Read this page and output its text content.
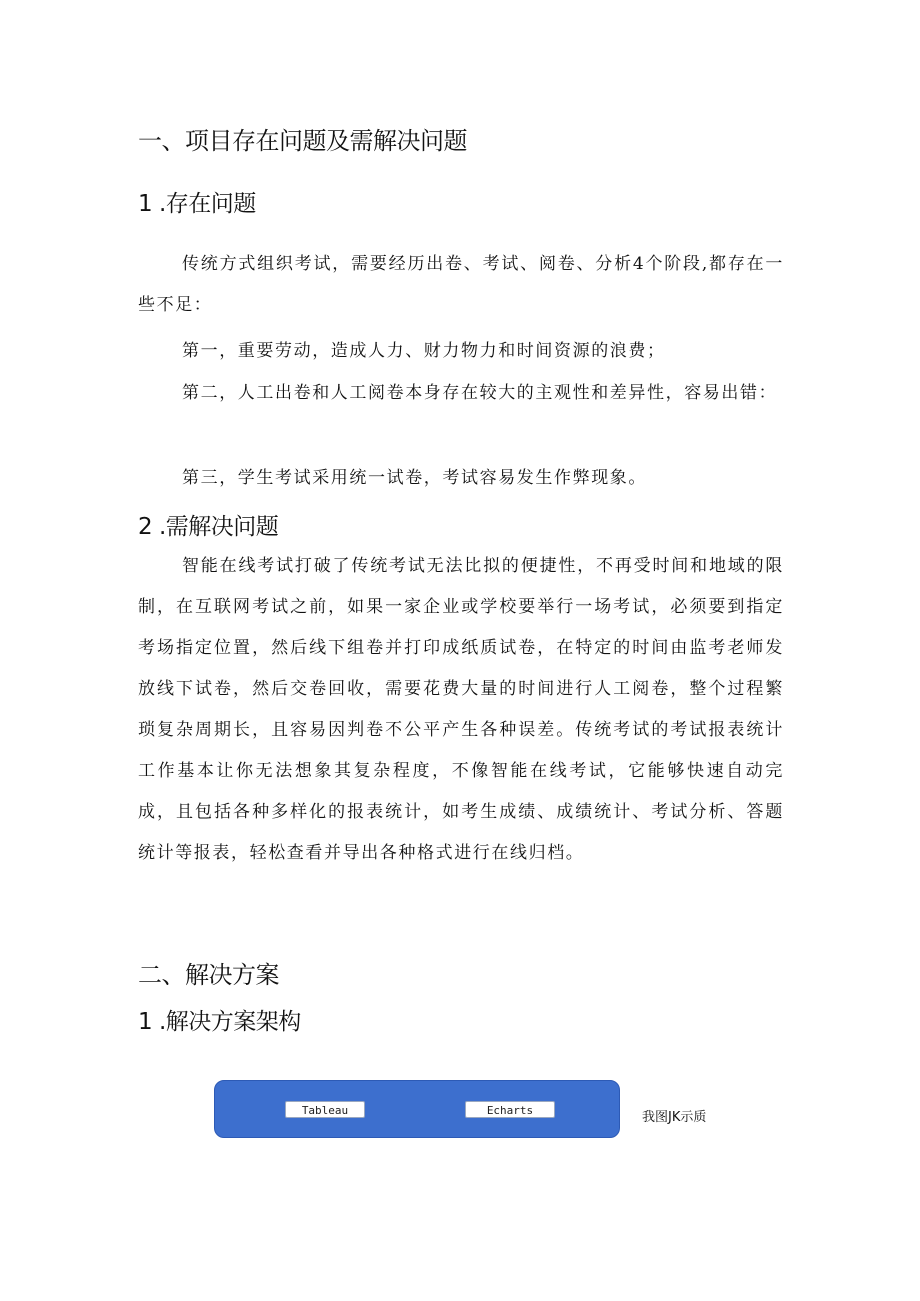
一、项目存在问题及需解决问题
1 .存在问题
传统方式组织考试，需要经历出卷、考试、阅卷、分析4个阶段,都存在一些不足：
第一，重要劳动，造成人力、财力物力和时间资源的浪费；
第二，人工出卷和人工阅卷本身存在较大的主观性和差异性，容易出错：
第三，学生考试采用统一试卷，考试容易发生作弊现象。
2 .需解决问题
智能在线考试打破了传统考试无法比拟的便捷性，不再受时间和地域的限制，在互联网考试之前，如果一家企业或学校要举行一场考试，必须要到指定考场指定位置，然后线下组卷并打印成纸质试卷，在特定的时间由监考老师发放线下试卷，然后交卷回收，需要花费大量的时间进行人工阅卷，整个过程繁琐复杂周期长，且容易因判卷不公平产生各种误差。传统考试的考试报表统计工作基本让你无法想象其复杂程度，不像智能在线考试，它能够快速自动完成，且包括各种多样化的报表统计，如考生成绩、成绩统计、考试分析、答题统计等报表，轻松查看并导出各种格式进行在线归档。
二、解决方案
1 .解决方案架构
Tableau	Echarts	我图JK示质
